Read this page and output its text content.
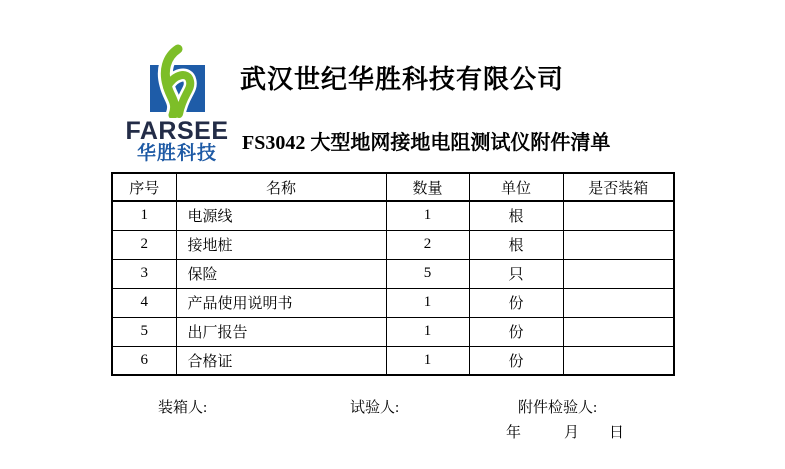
FARSEE
华胜科技
武汉世纪华胜科技有限公司
FS3042 大型地网接地电阻测试仪附件清单
序号	名称	数量	单位	是否装箱
1	电源线	1	根	
2	接地桩	2	根	
3	保险	5	只	
4	产品使用说明书	1	份	
5	出厂报告	1	份	
6	合格证	1	份	
装箱人:	试验人:	附件检验人:
年	月 日
